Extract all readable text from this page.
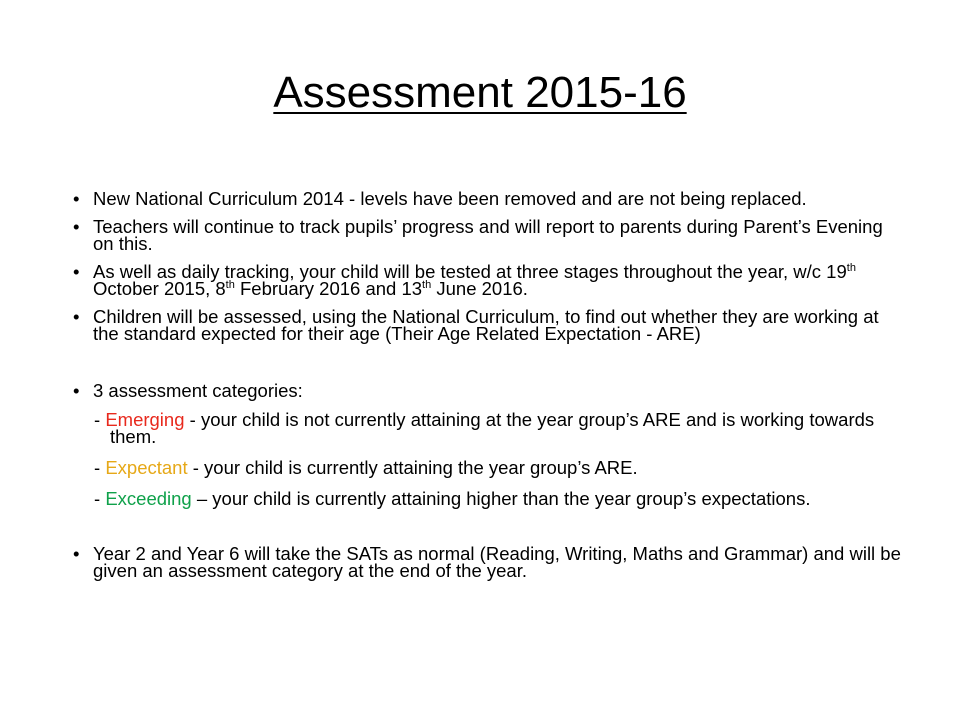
Assessment 2015-16
• New National Curriculum 2014 - levels have been removed and are not being replaced.
• Teachers will continue to track pupils’ progress and will report to parents during Parent’s Evening on this.
• As well as daily tracking, your child will be tested at three stages throughout the year, w/c 19th October 2015, 8th February 2016 and 13th June 2016.
• Children will be assessed, using the National Curriculum, to find out whether they are working at the standard expected for their age (Their Age Related Expectation - ARE)
• 3 assessment categories:
- Emerging - your child is not currently attaining at the year group’s ARE and is working towards them.
- Expectant - your child is currently attaining the year group’s ARE.
- Exceeding – your child is currently attaining higher than the year group’s expectations.
• Year 2 and Year 6 will take the SATs as normal (Reading, Writing, Maths and Grammar) and will be given an assessment category at the end of the year.
